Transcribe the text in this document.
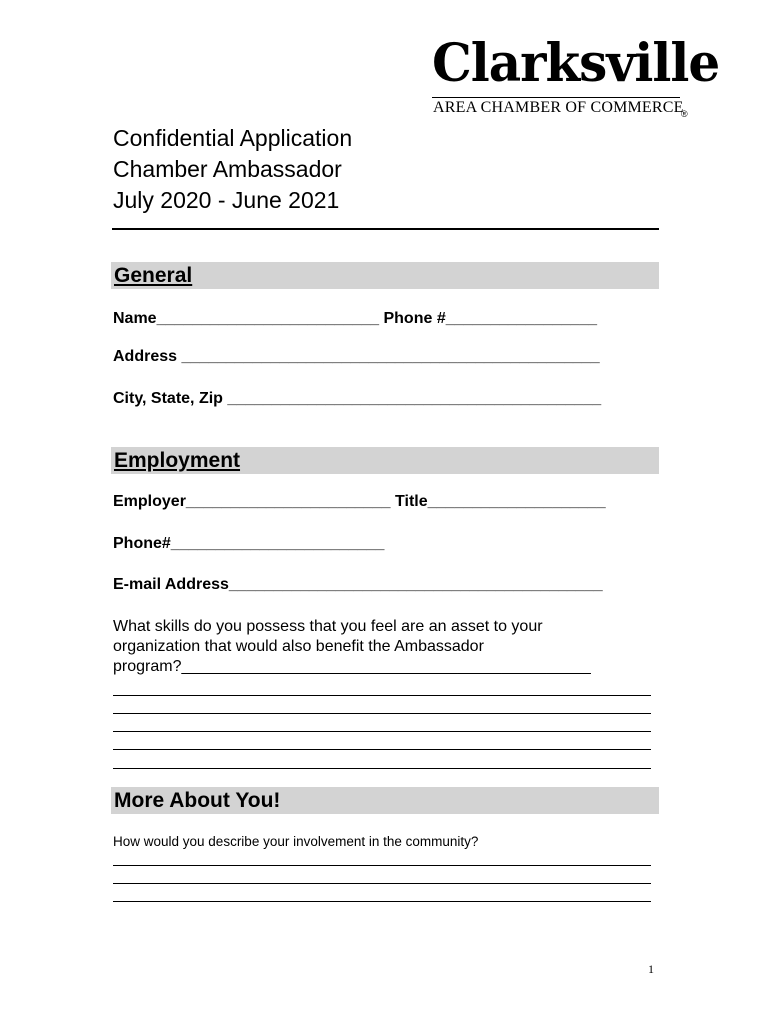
Clarksville
AREA CHAMBER OF COMMERCE
®
Confidential Application
Chamber Ambassador
July 2020 - June 2021
General
Name_________________________ Phone #_________________
Address _______________________________________________
City, State, Zip __________________________________________
Employment
Employer_______________________ Title____________________
Phone#________________________
E-mail Address__________________________________________
What skills do you possess that you feel are an asset to your
organization that would also benefit the Ambassador
program?______________________________________________
More About You!
How would you describe your involvement in the community?
1
